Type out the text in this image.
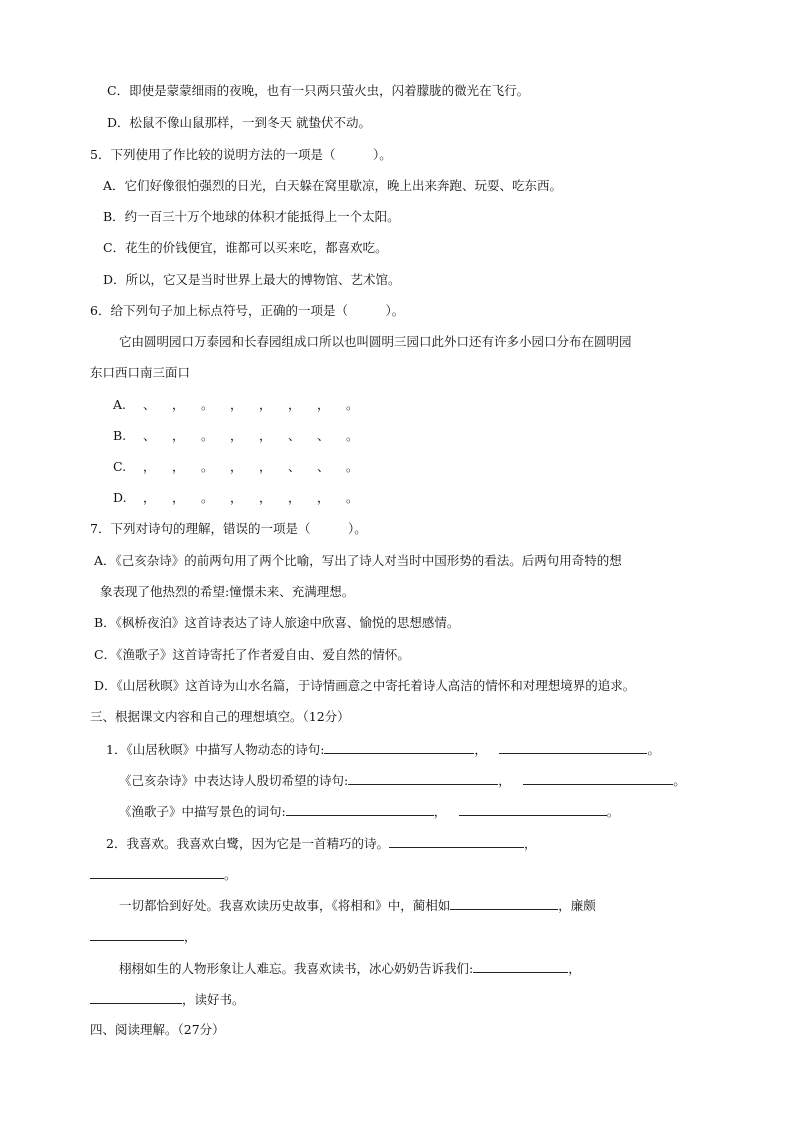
C．即使是蒙蒙细雨的夜晚，也有一只两只萤火虫，闪着朦胧的微光在飞行。
D．松鼠不像山鼠那样，一到冬天 就蛰伏不动。
5．下列使用了作比较的说明方法的一项是（　　　）。
A．它们好像很怕强烈的日光，白天躲在窝里歇凉，晚上出来奔跑、玩耍、吃东西。
B．约一百三十万个地球的体积才能抵得上一个太阳。
C．花生的价钱便宜，谁都可以买来吃，都喜欢吃。
D．所以，它又是当时世界上最大的博物馆、艺术馆。
6．给下列句子加上标点符号，正确的一项是（　　　）。
它由圆明园口万泰园和长春园组成口所以也叫圆明三园口此外口还有许多小园口分布在圆明园
东口西口南三面口
A. 、 ， 。 ， ， ， ， 。
B. 、 ， 。 ， ， 、 、 。
C. ， ， 。 ， ， 、 、 。
D. ， ， 。 ， ， ， ， 。
7．下列对诗句的理解，错误的一项是（　　　）。
A．《己亥杂诗》的前两句用了两个比喻，写出了诗人对当时中国形势的看法。后两句用奇特的想
象表现了他热烈的希望:憧憬未来、充满理想。
B．《枫桥夜泊》这首诗表达了诗人旅途中欣喜、愉悦的思想感情。
C．《渔歌子》这首诗寄托了作者爱自由、爱自然的情怀。
D．《山居秋暝》这首诗为山水名篇，于诗情画意之中寄托着诗人高洁的情怀和对理想境界的追求。
三、根据课文内容和自己的理想填空。（12分）
1．《山居秋暝》中描写人物动态的诗句:	， 	。
《己亥杂诗》中表达诗人殷切希望的诗句:	， 	。
《渔歌子》中描写景色的词句:	， 	。
2．我喜欢。我喜欢白鹭，因为它是一首精巧的诗。	，
。
一切都恰到好处。我喜欢读历史故事，《将相和》中，蔺相如	，廉颇
，
栩栩如生的人物形象让人难忘。我喜欢读书，冰心奶奶告诉我们:	，
，读好书。
四、阅读理解。（27分）
